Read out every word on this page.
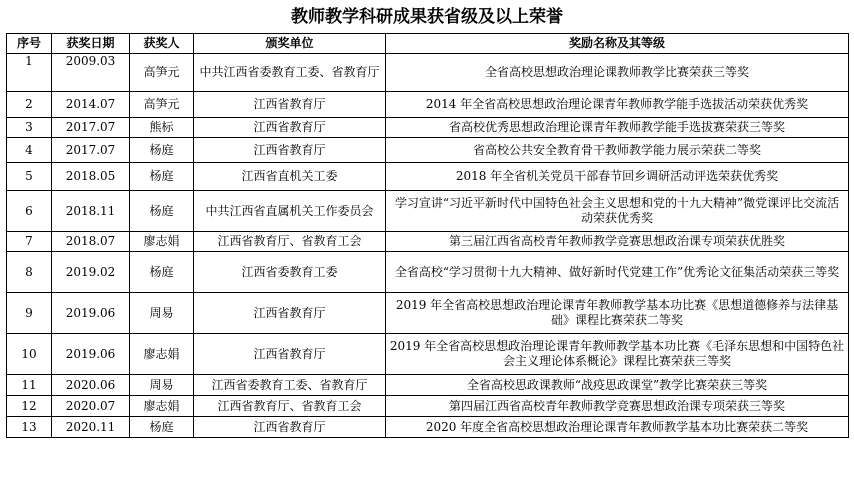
教师教学科研成果获省级及以上荣誉
序号	获奖日期	获奖人	颁奖单位	奖励名称及其等级
1	2009.03	高笋元	中共江西省委教育工委、省教育厅	全省高校思想政治理论课教师教学比赛荣获三等奖
2	2014.07	高笋元	江西省教育厅	2014 年全省高校思想政治理论课青年教师教学能手选拔活动荣获优秀奖
3	2017.07	熊标	江西省教育厅	省高校优秀思想政治理论课青年教师教学能手选拔赛荣获三等奖
4	2017.07	杨庭	江西省教育厅	省高校公共安全教育骨干教师教学能力展示荣获二等奖
5	2018.05	杨庭	江西省直机关工委	2018 年全省机关党员干部春节回乡调研活动评选荣获优秀奖
6	2018.11	杨庭	中共江西省直属机关工作委员会	学习宣讲“习近平新时代中国特色社会主义思想和党的十九大精神”微党课评比交流活动荣获优秀奖
7	2018.07	廖志娟	江西省教育厅、省教育工会	第三届江西省高校青年教师教学竞赛思想政治课专项荣获优胜奖
8	2019.02	杨庭	江西省委教育工委	全省高校“学习贯彻十九大精神、做好新时代党建工作”优秀论文征集活动荣获三等奖
9	2019.06	周易	江西省教育厅	2019 年全省高校思想政治理论课青年教师教学基本功比赛《思想道德修养与法律基础》课程比赛荣获二等奖
10	2019.06	廖志娟	江西省教育厅	2019 年全省高校思想政治理论课青年教师教学基本功比赛《毛泽东思想和中国特色社会主义理论体系概论》课程比赛荣获三等奖
11	2020.06	周易	江西省委教育工委、省教育厅	全省高校思政课教师“战疫思政课堂”教学比赛荣获三等奖
12	2020.07	廖志娟	江西省教育厅、省教育工会	第四届江西省高校青年教师教学竞赛思想政治课专项荣获三等奖
13	2020.11	杨庭	江西省教育厅	2020 年度全省高校思想政治理论课青年教师教学基本功比赛荣获二等奖
